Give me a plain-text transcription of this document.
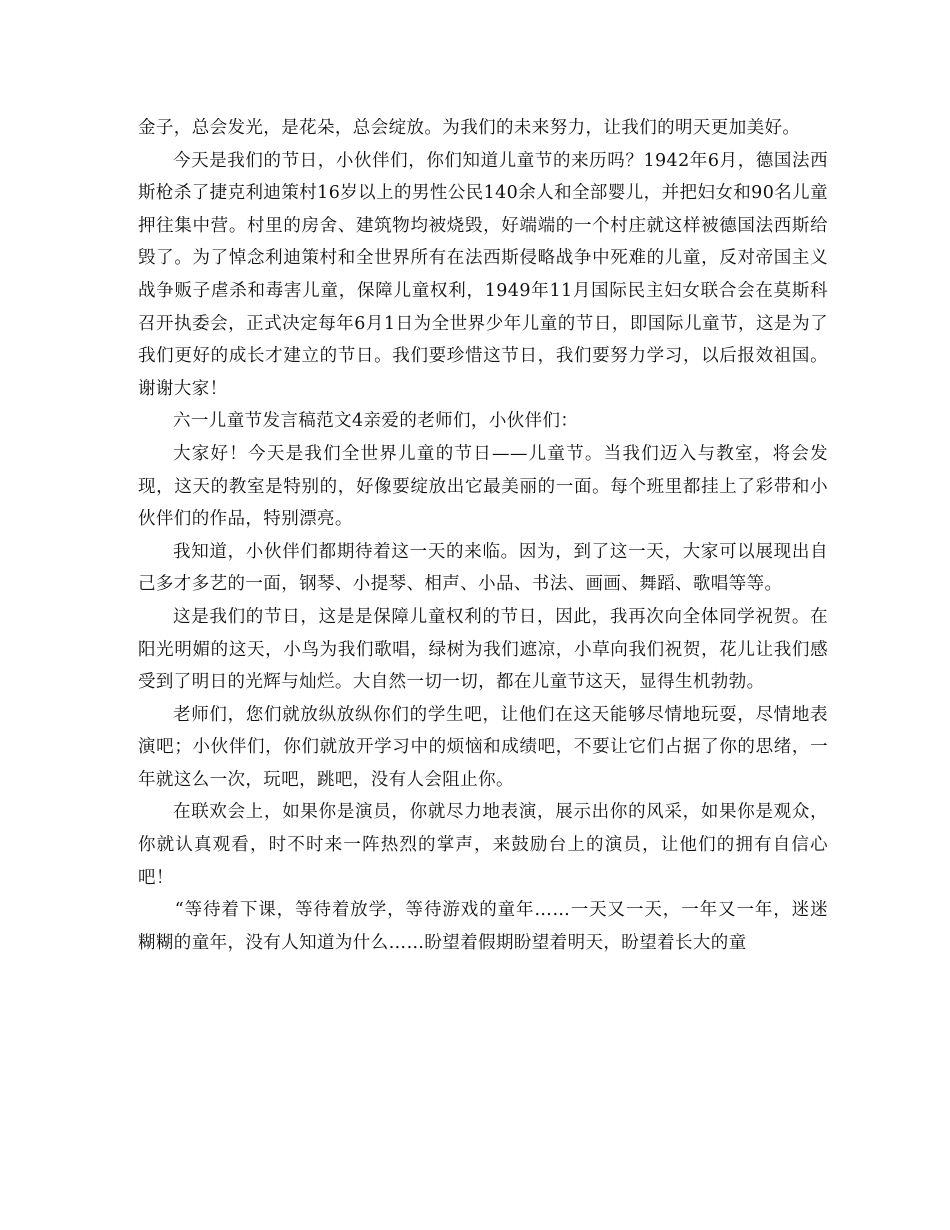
金子，总会发光，是花朵，总会绽放。为我们的未来努力，让我们的明天更加美好。

今天是我们的节日，小伙伴们，你们知道儿童节的来历吗？1942年6月，德国法西斯枪杀了捷克利迪策村16岁以上的男性公民140余人和全部婴儿，并把妇女和90名儿童押往集中营。村里的房舍、建筑物均被烧毁，好端端的一个村庄就这样被德国法西斯给毁了。为了悼念利迪策村和全世界所有在法西斯侵略战争中死难的儿童，反对帝国主义战争贩子虐杀和毒害儿童，保障儿童权利，1949年11月国际民主妇女联合会在莫斯科召开执委会，正式决定每年6月1日为全世界少年儿童的节日，即国际儿童节，这是为了我们更好的成长才建立的节日。我们要珍惜这节日，我们要努力学习，以后报效祖国。谢谢大家！

六一儿童节发言稿范文4亲爱的老师们，小伙伴们：

大家好！今天是我们全世界儿童的节日——儿童节。当我们迈入与教室，将会发现，这天的教室是特别的，好像要绽放出它最美丽的一面。每个班里都挂上了彩带和小伙伴们的作品，特别漂亮。

我知道，小伙伴们都期待着这一天的来临。因为，到了这一天，大家可以展现出自己多才多艺的一面，钢琴、小提琴、相声、小品、书法、画画、舞蹈、歌唱等等。

这是我们的节日，这是是保障儿童权利的节日，因此，我再次向全体同学祝贺。在阳光明媚的这天，小鸟为我们歌唱，绿树为我们遮凉，小草向我们祝贺，花儿让我们感受到了明日的光辉与灿烂。大自然一切一切，都在儿童节这天，显得生机勃勃。

老师们，您们就放纵放纵你们的学生吧，让他们在这天能够尽情地玩耍，尽情地表演吧；小伙伴们，你们就放开学习中的烦恼和成绩吧，不要让它们占据了你的思绪，一年就这么一次，玩吧，跳吧，没有人会阻止你。

在联欢会上，如果你是演员，你就尽力地表演，展示出你的风采，如果你是观众，你就认真观看，时不时来一阵热烈的掌声，来鼓励台上的演员，让他们的拥有自信心吧！

“等待着下课，等待着放学，等待游戏的童年……一天又一天，一年又一年，迷迷糊糊的童年，没有人知道为什么……盼望着假期盼望着明天，盼望着长大的童
